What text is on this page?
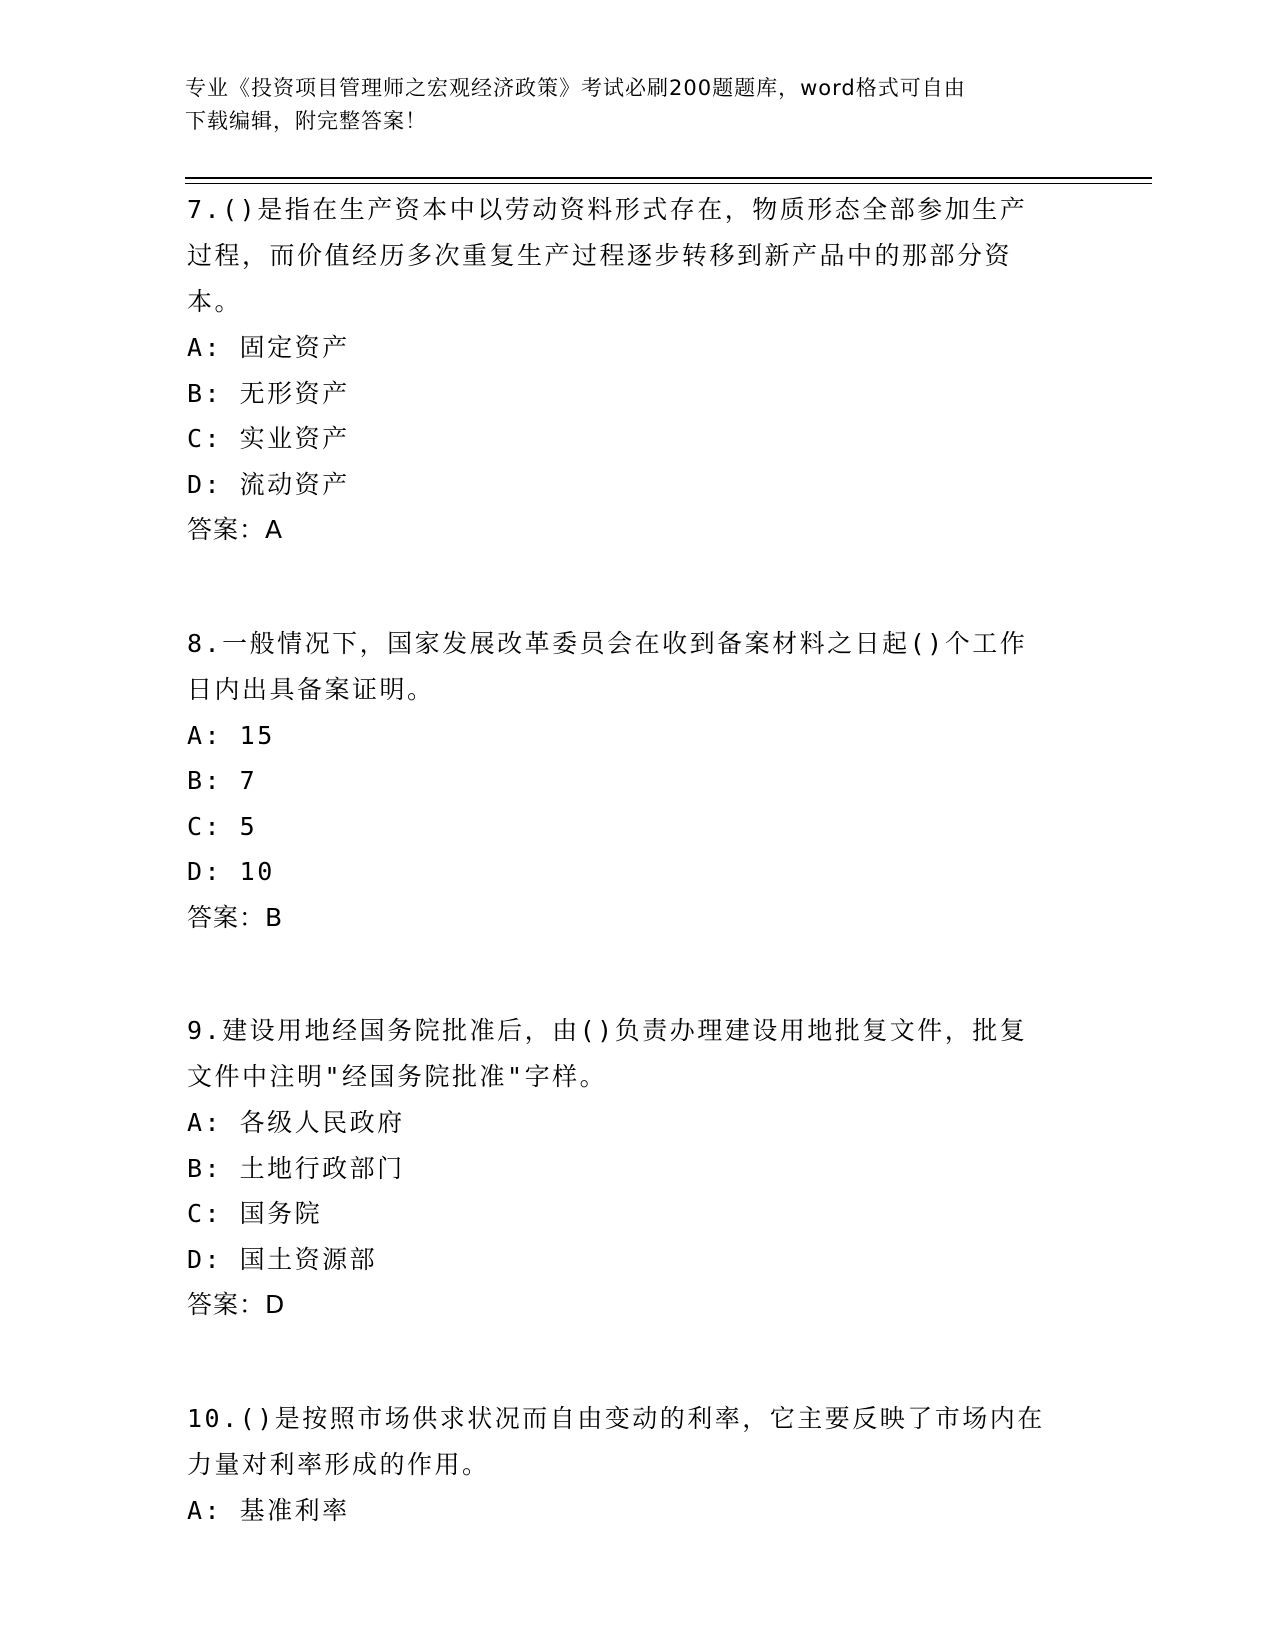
专业《投资项目管理师之宏观经济政策》考试必刷200题题库，word格式可自由
下载编辑，附完整答案！
7.()是指在生产资本中以劳动资料形式存在，物质形态全部参加生产
过程，而价值经历多次重复生产过程逐步转移到新产品中的那部分资
本。
A: 固定资产
B: 无形资产
C: 实业资产
D: 流动资产
答案：A
8.一般情况下，国家发展改革委员会在收到备案材料之日起()个工作
日内出具备案证明。
A: 15
B: 7
C: 5
D: 10
答案：B
9.建设用地经国务院批准后，由()负责办理建设用地批复文件，批复
文件中注明"经国务院批准"字样。
A: 各级人民政府
B: 土地行政部门
C: 国务院
D: 国土资源部
答案：D
10.()是按照市场供求状况而自由变动的利率，它主要反映了市场内在
力量对利率形成的作用。
A: 基准利率
